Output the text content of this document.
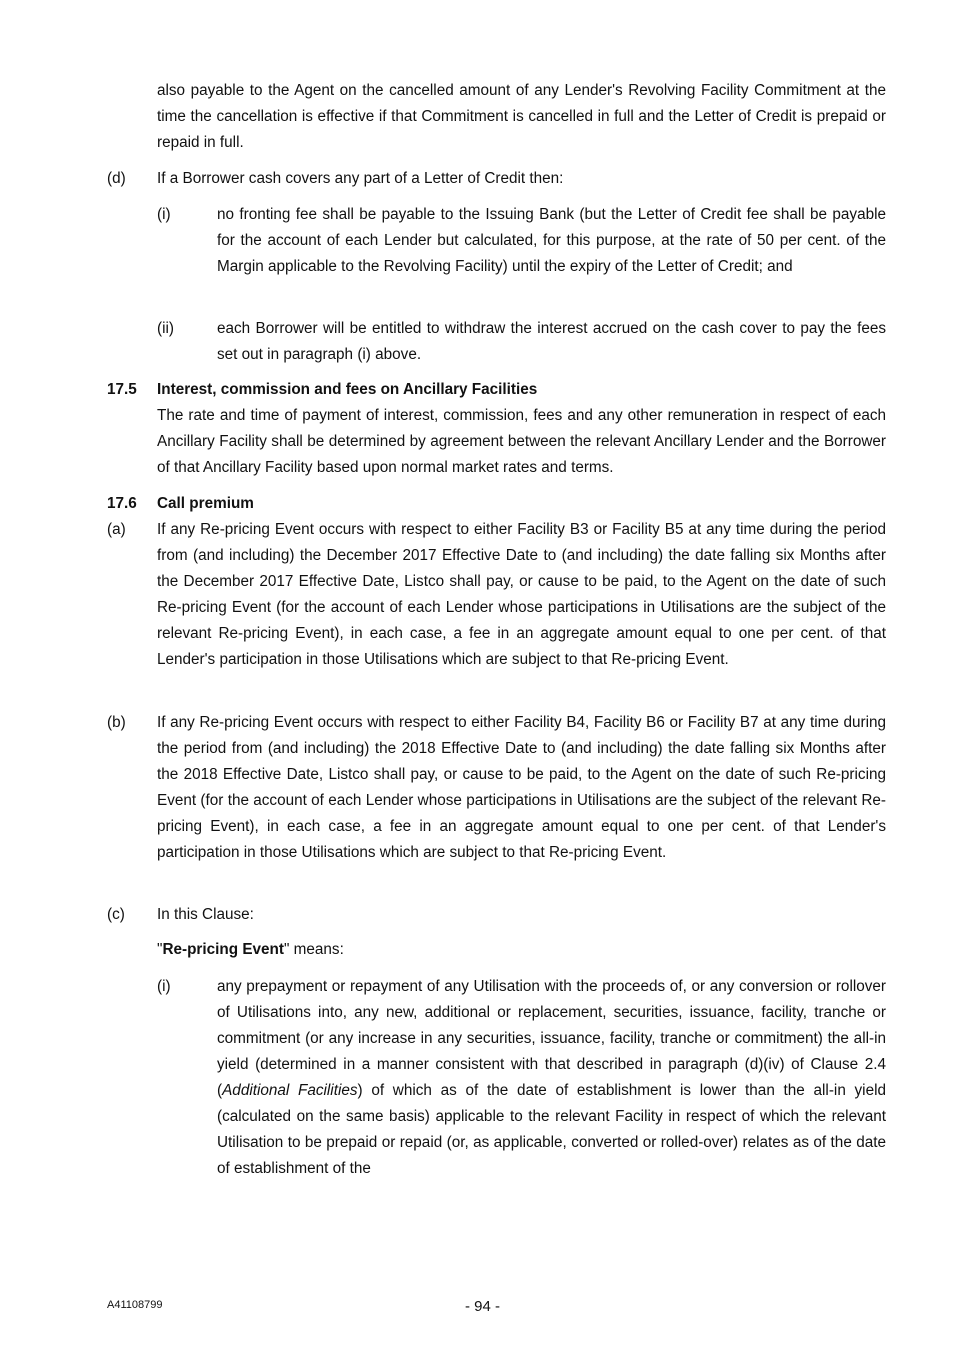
also payable to the Agent on the cancelled amount of any Lender's Revolving Facility Commitment at the time the cancellation is effective if that Commitment is cancelled in full and the Letter of Credit is prepaid or repaid in full.

(d) If a Borrower cash covers any part of a Letter of Credit then:

(i)	no fronting fee shall be payable to the Issuing Bank (but the Letter of Credit fee shall be payable for the account of each Lender but calculated, for this purpose, at the rate of 50 per cent. of the Margin applicable to the Revolving Facility) until the expiry of the Letter of Credit; and

(ii)	each Borrower will be entitled to withdraw the interest accrued on the cash cover to pay the fees set out in paragraph (i) above.

17.5 Interest, commission and fees on Ancillary Facilities

The rate and time of payment of interest, commission, fees and any other remuneration in respect of each Ancillary Facility shall be determined by agreement between the relevant Ancillary Lender and the Borrower of that Ancillary Facility based upon normal market rates and terms.

17.6 Call premium
(a) If any Re-pricing Event occurs with respect to either Facility B3 or Facility B5 at any time during the period from (and including) the December 2017 Effective Date to (and including) the date falling six Months after the December 2017 Effective Date, Listco shall pay, or cause to be paid, to the Agent on the date of such Re-pricing Event (for the account of each Lender whose participations in Utilisations are the subject of the relevant Re-pricing Event), in each case, a fee in an aggregate amount equal to one per cent. of that Lender's participation in those Utilisations which are subject to that Re-pricing Event.

(b) If any Re-pricing Event occurs with respect to either Facility B4, Facility B6 or Facility B7 at any time during the period from (and including) the 2018 Effective Date to (and including) the date falling six Months after the 2018 Effective Date, Listco shall pay, or cause to be paid, to the Agent on the date of such Re-pricing Event (for the account of each Lender whose participations in Utilisations are the subject of the relevant Re-pricing Event), in each case, a fee in an aggregate amount equal to one per cent. of that Lender's participation in those Utilisations which are subject to that Re-pricing Event.

(c) In this Clause:

"Re-pricing Event" means:

(i)	any prepayment or repayment of any Utilisation with the proceeds of, or any conversion or rollover of Utilisations into, any new, additional or replacement, securities, issuance, facility, tranche or commitment (or any increase in any securities, issuance, facility, tranche or commitment) the all-in yield (determined in a manner consistent with that described in paragraph (d)(iv) of Clause 2.4 (Additional Facilities) of which as of the date of establishment is lower than the all-in yield (calculated on the same basis) applicable to the relevant Facility in respect of which the relevant Utilisation to be prepaid or repaid (or, as applicable, converted or rolled-over) relates as of the date of establishment of the

A41108799	- 94 -
